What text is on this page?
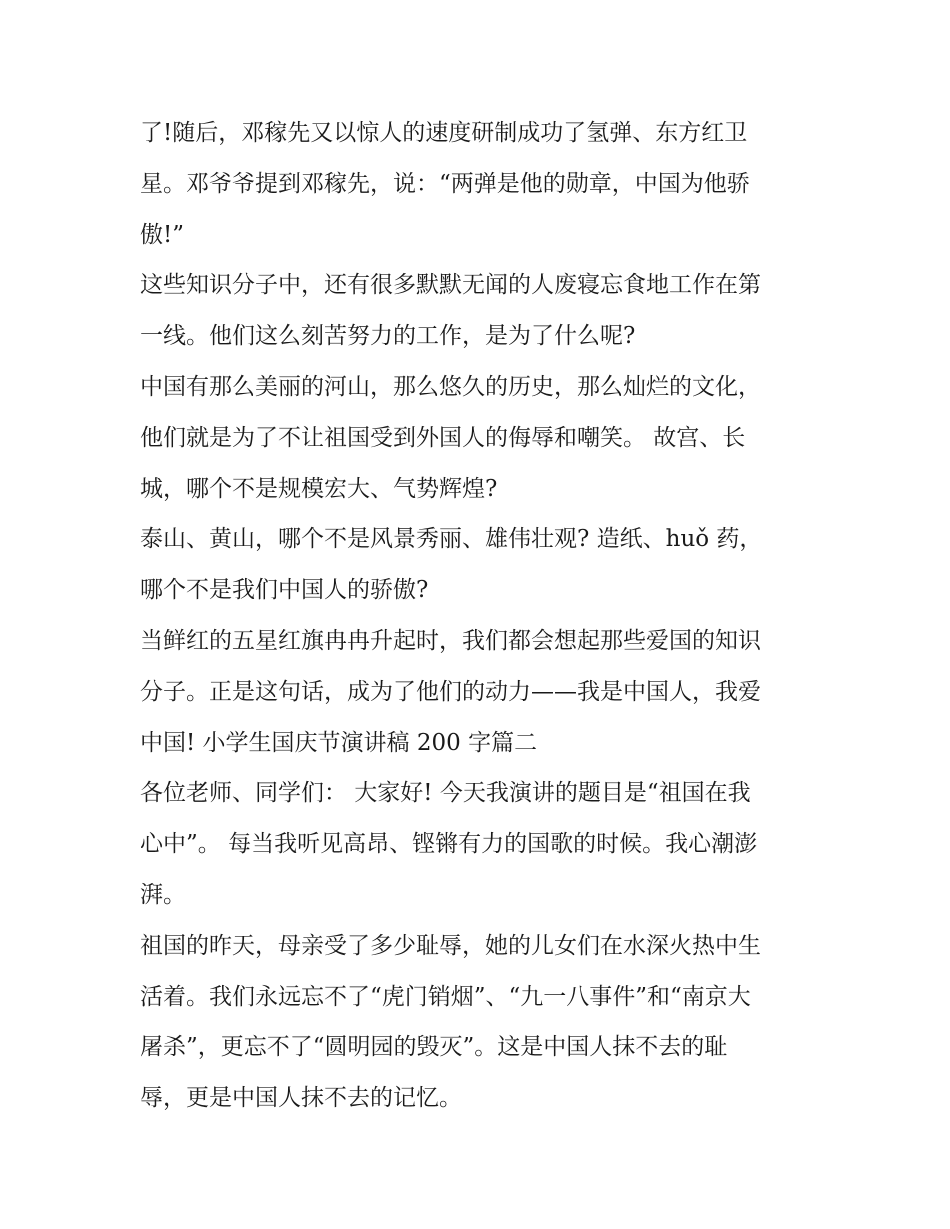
了!随后，邓稼先又以惊人的速度研制成功了氢弹、东方红卫
星。邓爷爷提到邓稼先，说：“两弹是他的勋章，中国为他骄
傲!”
这些知识分子中，还有很多默默无闻的人废寝忘食地工作在第
一线。他们这么刻苦努力的工作，是为了什么呢?
中国有那么美丽的河山，那么悠久的历史，那么灿烂的文化，
他们就是为了不让祖国受到外国人的侮辱和嘲笑。 故宫、长
城，哪个不是规模宏大、气势辉煌?
泰山、黄山，哪个不是风景秀丽、雄伟壮观? 造纸、huǒ 药，
哪个不是我们中国人的骄傲?
当鲜红的五星红旗冉冉升起时，我们都会想起那些爱国的知识
分子。正是这句话，成为了他们的动力——我是中国人，我爱
中国! 小学生国庆节演讲稿 200 字篇二
各位老师、同学们： 大家好! 今天我演讲的题目是“祖国在我
心中”。 每当我听见高昂、铿锵有力的国歌的时候。我心潮澎
湃。
祖国的昨天，母亲受了多少耻辱，她的儿女们在水深火热中生
活着。我们永远忘不了“虎门销烟”、“九一八事件”和“南京大
屠杀”，更忘不了“圆明园的毁灭”。这是中国人抹不去的耻
辱，更是中国人抹不去的记忆。
